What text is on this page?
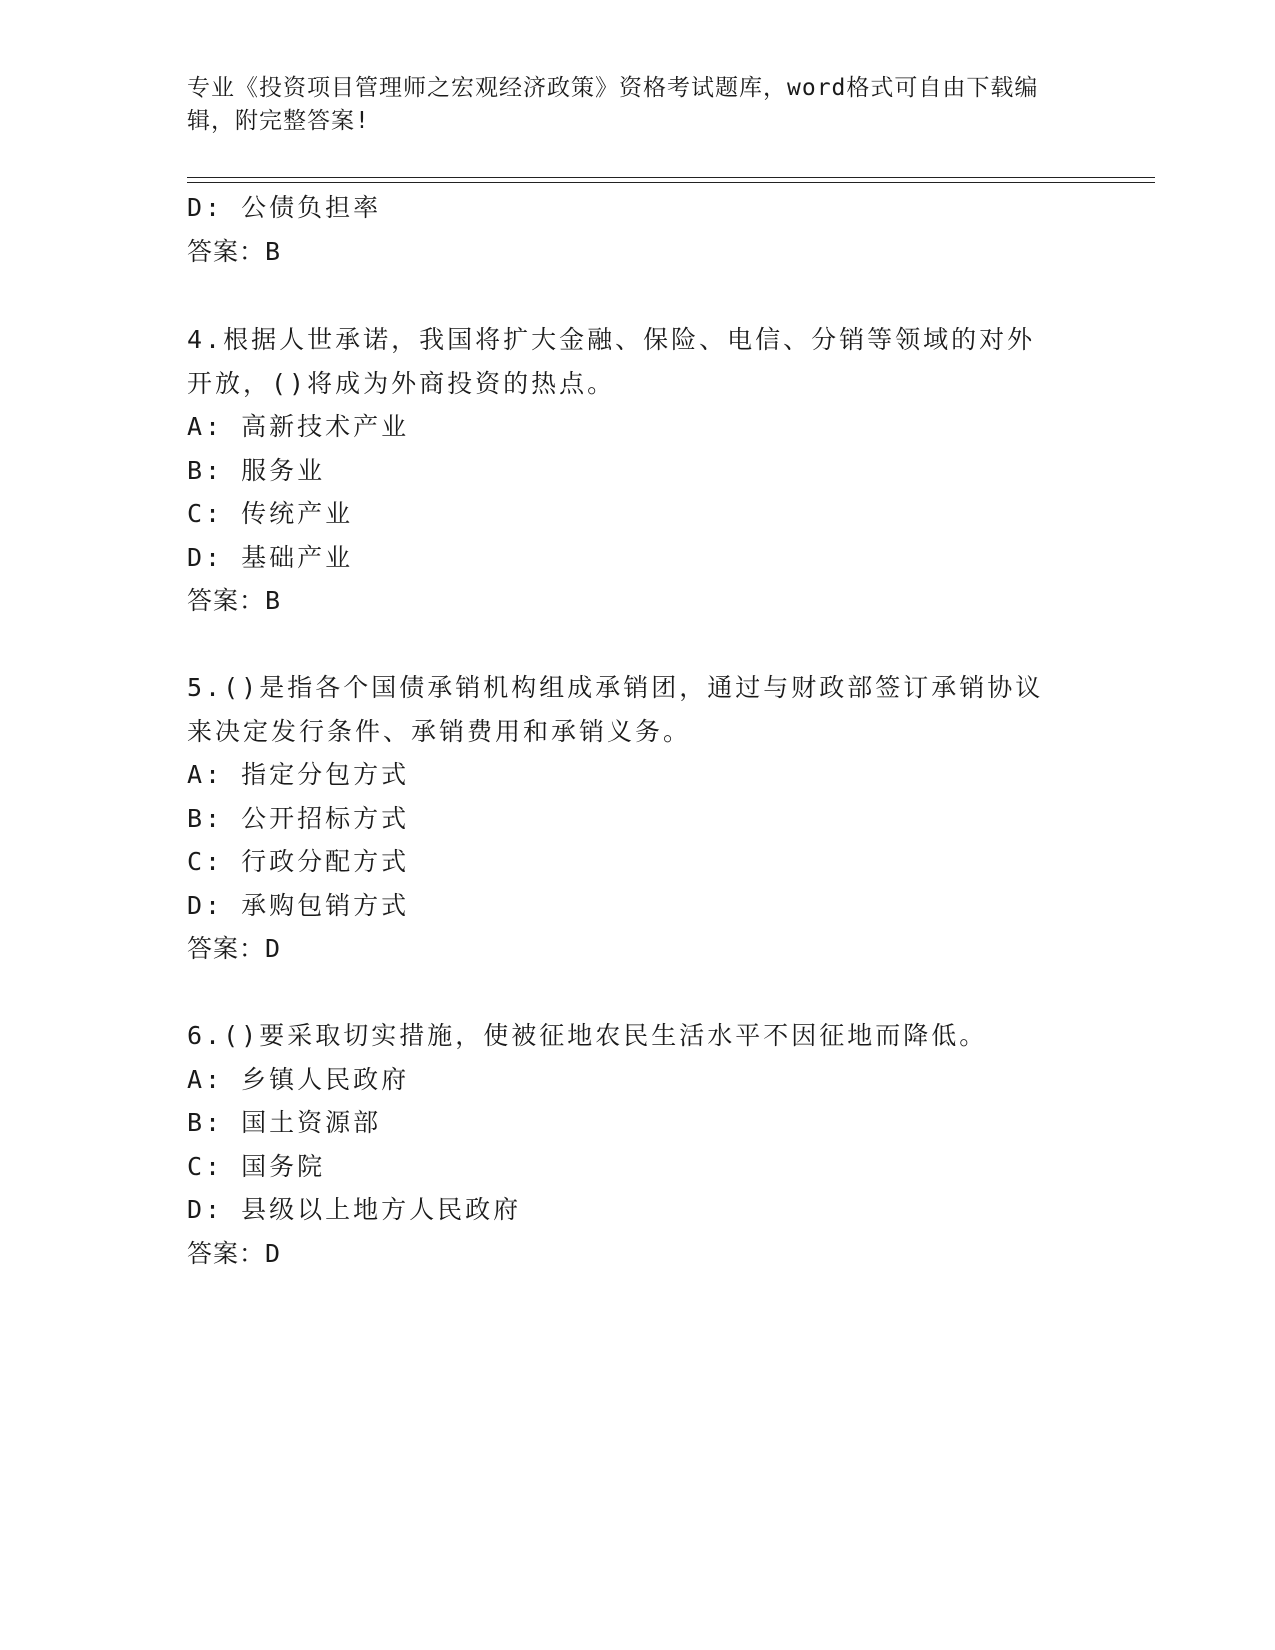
专业《投资项目管理师之宏观经济政策》资格考试题库，word格式可自由下载编
辑，附完整答案!
D: 公债负担率
答案：B
4.根据人世承诺，我国将扩大金融、保险、电信、分销等领域的对外
开放，()将成为外商投资的热点。
A: 高新技术产业
B: 服务业
C: 传统产业
D: 基础产业
答案：B
5.()是指各个国债承销机构组成承销团，通过与财政部签订承销协议
来决定发行条件、承销费用和承销义务。
A: 指定分包方式
B: 公开招标方式
C: 行政分配方式
D: 承购包销方式
答案：D
6.()要采取切实措施，使被征地农民生活水平不因征地而降低。
A: 乡镇人民政府
B: 国土资源部
C: 国务院
D: 县级以上地方人民政府
答案：D
